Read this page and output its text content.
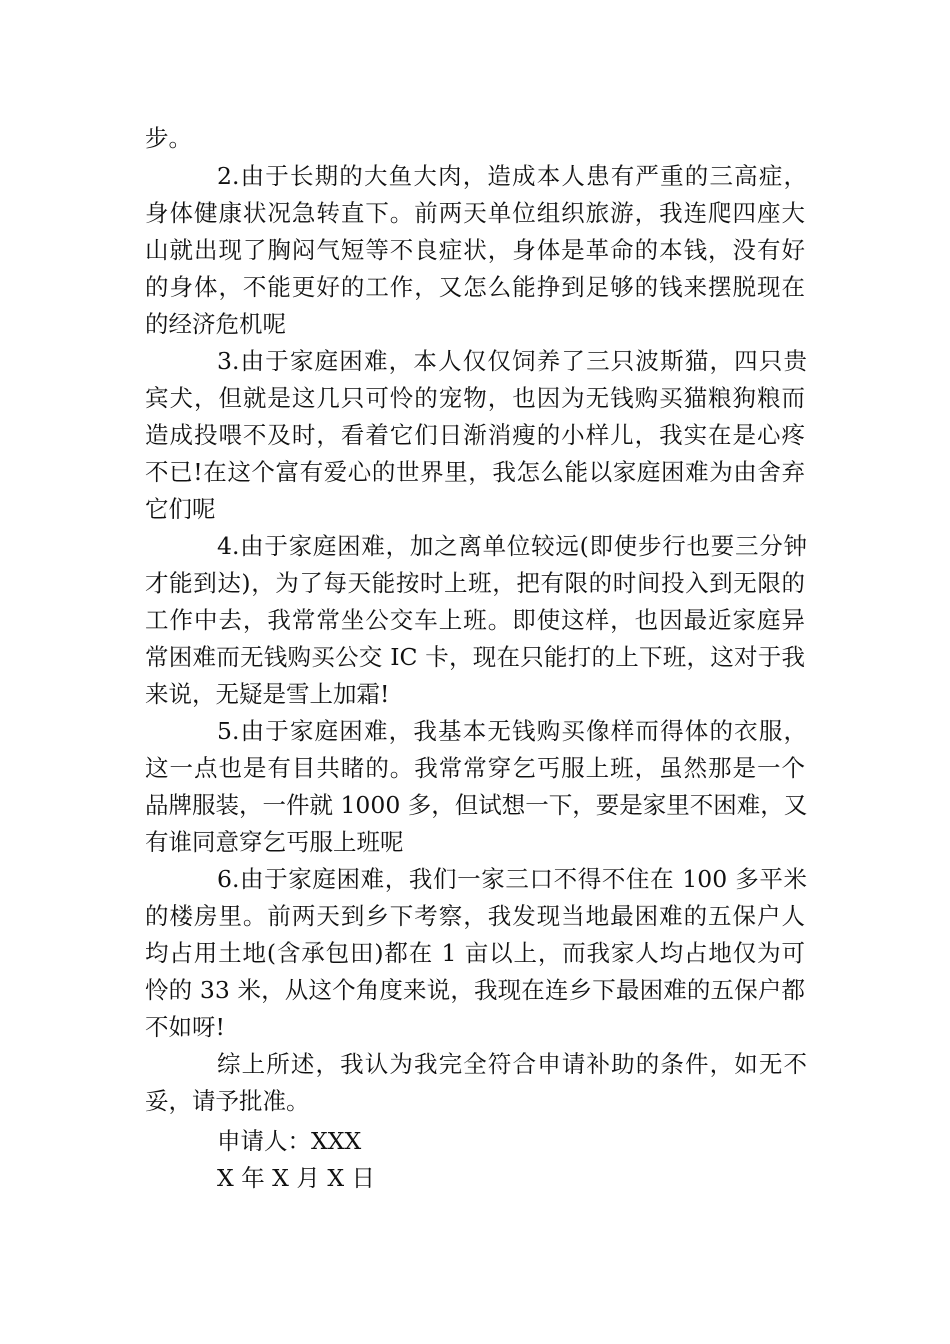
步。
2.由于长期的大鱼大肉，造成本人患有严重的三高症，
身体健康状况急转直下。前两天单位组织旅游，我连爬四座大
山就出现了胸闷气短等不良症状，身体是革命的本钱，没有好
的身体，不能更好的工作，又怎么能挣到足够的钱来摆脱现在
的经济危机呢
3.由于家庭困难，本人仅仅饲养了三只波斯猫，四只贵
宾犬，但就是这几只可怜的宠物，也因为无钱购买猫粮狗粮而
造成投喂不及时，看着它们日渐消瘦的小样儿，我实在是心疼
不已!在这个富有爱心的世界里，我怎么能以家庭困难为由舍弃
它们呢
4.由于家庭困难，加之离单位较远(即使步行也要三分钟
才能到达)，为了每天能按时上班，把有限的时间投入到无限的
工作中去，我常常坐公交车上班。即使这样，也因最近家庭异
常困难而无钱购买公交 IC 卡，现在只能打的上下班，这对于我
来说，无疑是雪上加霜!
5.由于家庭困难，我基本无钱购买像样而得体的衣服，
这一点也是有目共睹的。我常常穿乞丐服上班，虽然那是一个
品牌服装，一件就 1000 多，但试想一下，要是家里不困难，又
有谁同意穿乞丐服上班呢
6.由于家庭困难，我们一家三口不得不住在 100 多平米
的楼房里。前两天到乡下考察，我发现当地最困难的五保户人
均占用土地(含承包田)都在 1 亩以上，而我家人均占地仅为可
怜的 33 米，从这个角度来说，我现在连乡下最困难的五保户都
不如呀!
综上所述，我认为我完全符合申请补助的条件，如无不
妥，请予批准。
申请人：XXX
X 年 X 月 X 日
